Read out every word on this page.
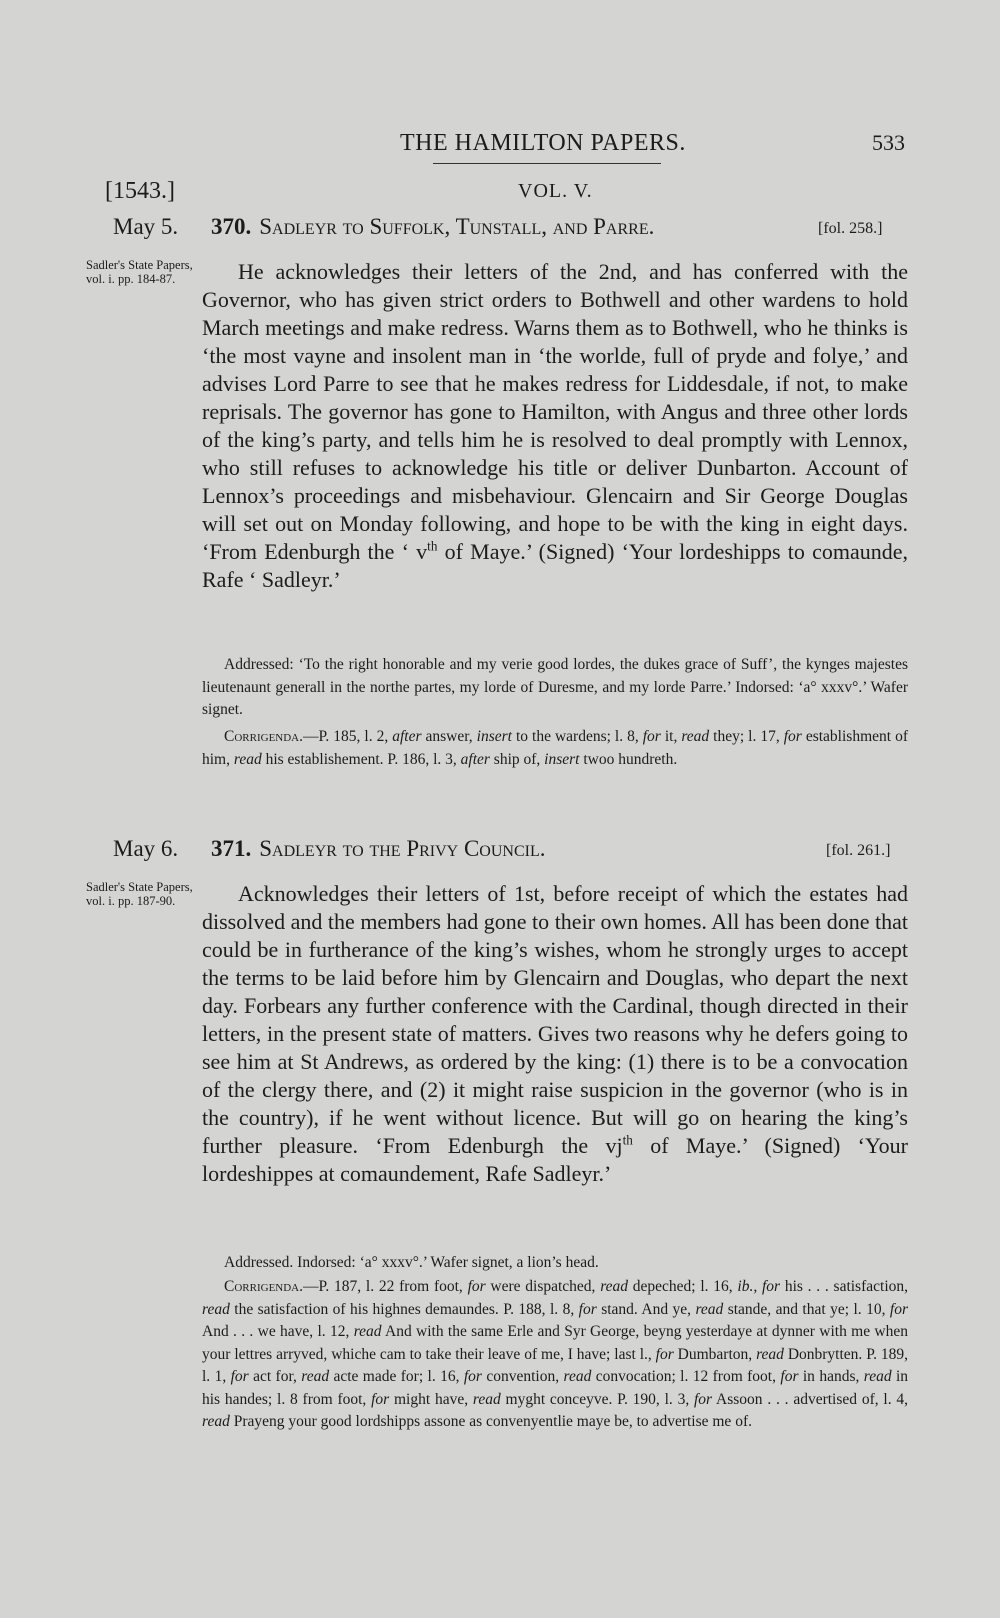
THE HAMILTON PAPERS.	533
[1543.]	VOL. V.
May 5. 370. Sadleyr to Suffolk, Tunstall, and Parre.	[fol. 258.]
Sadler's State Papers, vol. i. pp. 184-87.	He acknowledges their letters of the 2nd, and has conferred with the Governor, who has given strict orders to Bothwell and other wardens to hold March meetings and make redress. Warns them as to Bothwell, who he thinks is ‘the most vayne and insolent man in ‘the worlde, full of pryde and folye,’ and advises Lord Parre to see that he makes redress for Liddesdale, if not, to make reprisals. The governor has gone to Hamilton, with Angus and three other lords of the king’s party, and tells him he is resolved to deal promptly with Lennox, who still refuses to acknowledge his title or deliver Dunbarton. Account of Lennox’s proceedings and misbehaviour. Glencairn and Sir George Douglas will set out on Monday following, and hope to be with the king in eight days. ‘From Edenburgh the ‘ $v^{th}$ of Maye.’ (Signed) ‘Your lordeshipps to comaunde, Rafe ‘ Sadleyr.’

Addressed: ‘To the right honorable and my verie good lordes, the dukes grace of Suff’, the kynges majestes lieutenaunt generall in the northe partes, my lorde of Duresme, and my lorde Parre.’ Indorsed: ‘a° xxxv°.’ Wafer signet.

Corrigenda.—P. 185, l. 2, after answer, insert to the wardens; l. 8, for it, read they; l. 17, for establishment of him, read his establishement. P. 186, l. 3, after ship of, insert twoo hundreth.

May 6. 371. Sadleyr to the Privy Council.	[fol. 261.]
Sadler's State Papers, vol. i. pp. 187-90.	Acknowledges their letters of 1st, before receipt of which the estates had dissolved and the members had gone to their own homes. All has been done that could be in furtherance of the king’s wishes, whom he strongly urges to accept the terms to be laid before him by Glencairn and Douglas, who depart the next day. Forbears any further conference with the Cardinal, though directed in their letters, in the present state of matters. Gives two reasons why he defers going to see him at St Andrews, as ordered by the king: (1) there is to be a convocation of the clergy there, and (2) it might raise suspicion in the governor (who is in the country), if he went without licence. But will go on hearing the king’s further pleasure. ‘From Edenburgh the $vj^{th}$ of Maye.’ (Signed) ‘Your lordeshippes at comaundement, Rafe Sadleyr.’

Addressed. Indorsed: ‘a° xxxv°.’ Wafer signet, a lion’s head.

Corrigenda.—P. 187, l. 22 from foot, for were dispatched, read depeched; l. 16, ib., for his . . . satisfaction, read the satisfaction of his highnes demaundes. P. 188, l. 8, for stand. And ye, read stande, and that ye; l. 10, for And . . . we have, l. 12, read And with the same Erle and Syr George, beyng yesterdaye at dynner with me when your lettres arryved, whiche cam to take their leave of me, I have; last l., for Dumbarton, read Donbrytten. P. 189, l. 1, for act for, read acte made for; l. 16, for convention, read convocation; l. 12 from foot, for in hands, read in his handes; l. 8 from foot, for might have, read myght conceyve. P. 190, l. 3, for Assoon . . . advertised of, l. 4, read Prayeng your good lordshipps assone as convenyentlie maye be, to advertise me of.
